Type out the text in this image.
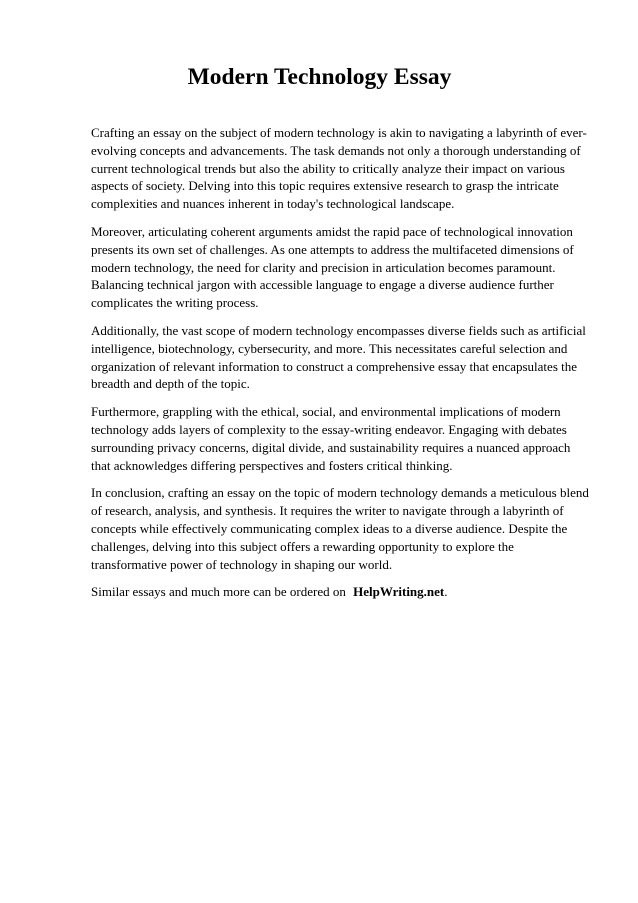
Modern Technology Essay

Crafting an essay on the subject of modern technology is akin to navigating a labyrinth of ever-evolving concepts and advancements. The task demands not only a thorough understanding of current technological trends but also the ability to critically analyze their impact on various aspects of society. Delving into this topic requires extensive research to grasp the intricate complexities and nuances inherent in today's technological landscape.

Moreover, articulating coherent arguments amidst the rapid pace of technological innovation presents its own set of challenges. As one attempts to address the multifaceted dimensions of modern technology, the need for clarity and precision in articulation becomes paramount. Balancing technical jargon with accessible language to engage a diverse audience further complicates the writing process.

Additionally, the vast scope of modern technology encompasses diverse fields such as artificial intelligence, biotechnology, cybersecurity, and more. This necessitates careful selection and organization of relevant information to construct a comprehensive essay that encapsulates the breadth and depth of the topic.

Furthermore, grappling with the ethical, social, and environmental implications of modern technology adds layers of complexity to the essay-writing endeavor. Engaging with debates surrounding privacy concerns, digital divide, and sustainability requires a nuanced approach that acknowledges differing perspectives and fosters critical thinking.

In conclusion, crafting an essay on the topic of modern technology demands a meticulous blend of research, analysis, and synthesis. It requires the writer to navigate through a labyrinth of concepts while effectively communicating complex ideas to a diverse audience. Despite the challenges, delving into this subject offers a rewarding opportunity to explore the transformative power of technology in shaping our world.

Similar essays and much more can be ordered on HelpWriting.net.
